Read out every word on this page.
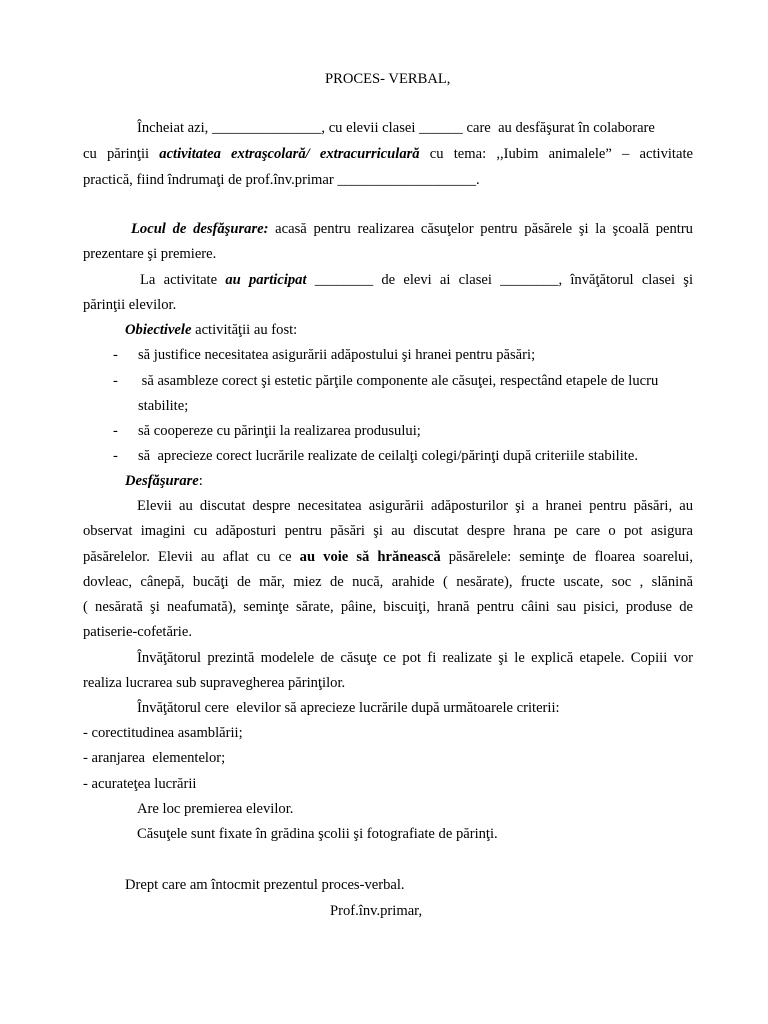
PROCES- VERBAL,
Încheiat azi, _______________, cu elevii clasei ______ care  au desfăşurat în colaborare
cu părinţii activitatea extraşcolară/ extracurriculară cu tema: ,,Iubim animalele” – activitate
practică, fiind îndrumaţi de prof.înv.primar ___________________.
Locul de desfăşurare: acasă pentru realizarea căsuţelor pentru păsărele şi la şcoală pentru
prezentare şi premiere.
La activitate au participat ________ de elevi ai clasei ________, învăţătorul clasei şi
părinţii elevilor.
Obiectivele activităţii au fost:
- să justifice necesitatea asigurării adăpostului şi hranei pentru păsări;
- să asambleze corect şi estetic părţile componente ale căsuţei, respectând etapele de lucru
stabilite;
- să coopereze cu părinţii la realizarea produsului;
- să  aprecieze corect lucrările realizate de ceilalţi colegi/părinţi după criteriile stabilite.
Desfăşurare:
Elevii au discutat despre necesitatea asigurării adăposturilor şi a hranei pentru păsări, au
observat imagini cu adăposturi pentru păsări şi au discutat despre hrana pe care o pot asigura
păsărelelor. Elevii au aflat cu ce au voie să hrănească păsărelele: seminţe de floarea soarelui,
dovleac, cânepă, bucăţi de măr, miez de nucă, arahide ( nesărate), fructe uscate, soc , slănină
( nesărată şi neafumată), seminţe sărate, pâine, biscuiţi, hrană pentru câini sau pisici, produse de
patiserie-cofetărie.
Învăţătorul prezintă modelele de căsuţe ce pot fi realizate şi le explică etapele. Copiii vor
realiza lucrarea sub supravegherea părinţilor.
Învăţătorul cere  elevilor să aprecieze lucrările după următoarele criterii:
- corectitudinea asamblării;
- aranjarea  elementelor;
- acurateţea lucrării
Are loc premierea elevilor.
Căsuţele sunt fixate în grădina şcolii şi fotografiate de părinţi.
Drept care am întocmit prezentul proces-verbal.
Prof.înv.primar,
